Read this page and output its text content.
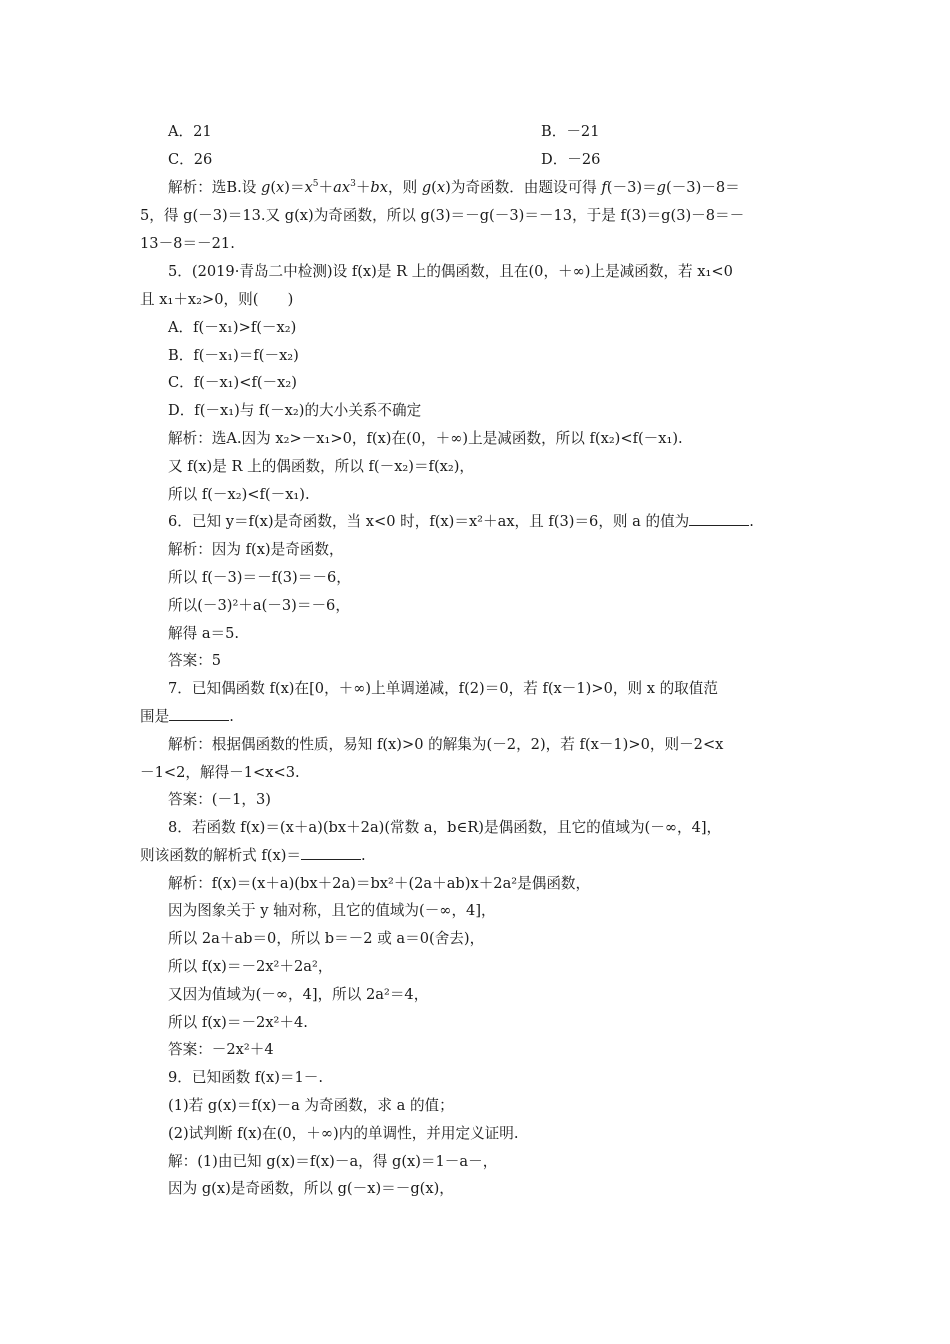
A．21	B．－21
C．26	D．－26
解析：选B.设 $g(x)=x^5+ax^3+bx$，则 g(x)为奇函数．由题设可得 f(－3)＝g(－3)－8＝
5，得 g(－3)＝13.又 g(x)为奇函数，所以 g(3)＝－g(－3)＝－13，于是 f(3)＝g(3)－8＝－
13－8＝－21.
5．(2019·青岛二中检测)设 f(x)是 R 上的偶函数，且在(0，＋∞)上是减函数，若 x₁<0
且 x₁＋x₂>0，则(　　)
A．f(－x₁)>f(－x₂)
B．f(－x₁)＝f(－x₂)
C．f(－x₁)<f(－x₂)
D．f(－x₁)与 f(－x₂)的大小关系不确定
解析：选A.因为 x₂>－x₁>0，f(x)在(0，＋∞)上是减函数，所以 f(x₂)<f(－x₁).
又 f(x)是 R 上的偶函数，所以 f(－x₂)＝f(x₂)，
所以 f(－x₂)<f(－x₁).
6．已知 y＝f(x)是奇函数，当 x<0 时，f(x)＝x²＋ax，且 f(3)＝6，则 a 的值为	.
解析：因为 f(x)是奇函数，
所以 f(－3)＝－f(3)＝－6，
所以(－3)²＋a(－3)＝－6，
解得 a＝5.
答案：5
7．已知偶函数 f(x)在[0，＋∞)上单调递减，f(2)＝0，若 f(x－1)>0，则 x 的取值范
围是	.
解析：根据偶函数的性质，易知 f(x)>0 的解集为(－2，2)，若 f(x－1)>0，则－2<x
－1<2，解得－1<x<3.
答案：(－1，3)
8．若函数 f(x)＝(x＋a)(bx＋2a)(常数 a，b∈R)是偶函数，且它的值域为(－∞，4]，
则该函数的解析式 f(x)＝	.
解析：f(x)＝(x＋a)(bx＋2a)＝bx²＋(2a＋ab)x＋2a²是偶函数，
因为图象关于 y 轴对称，且它的值域为(－∞，4]，
所以 2a＋ab＝0，所以 b＝－2 或 a＝0(舍去)，
所以 f(x)＝－2x²＋2a²，
又因为值域为(－∞，4]，所以 2a²＝4，
所以 f(x)＝－2x²＋4.
答案：－2x²＋4
9．已知函数 f(x)＝1－.
(1)若 g(x)＝f(x)－a 为奇函数，求 a 的值；
(2)试判断 f(x)在(0，＋∞)内的单调性，并用定义证明.
解：(1)由已知 g(x)＝f(x)－a，得 g(x)＝1－a－，
因为 g(x)是奇函数，所以 g(－x)＝－g(x)，
